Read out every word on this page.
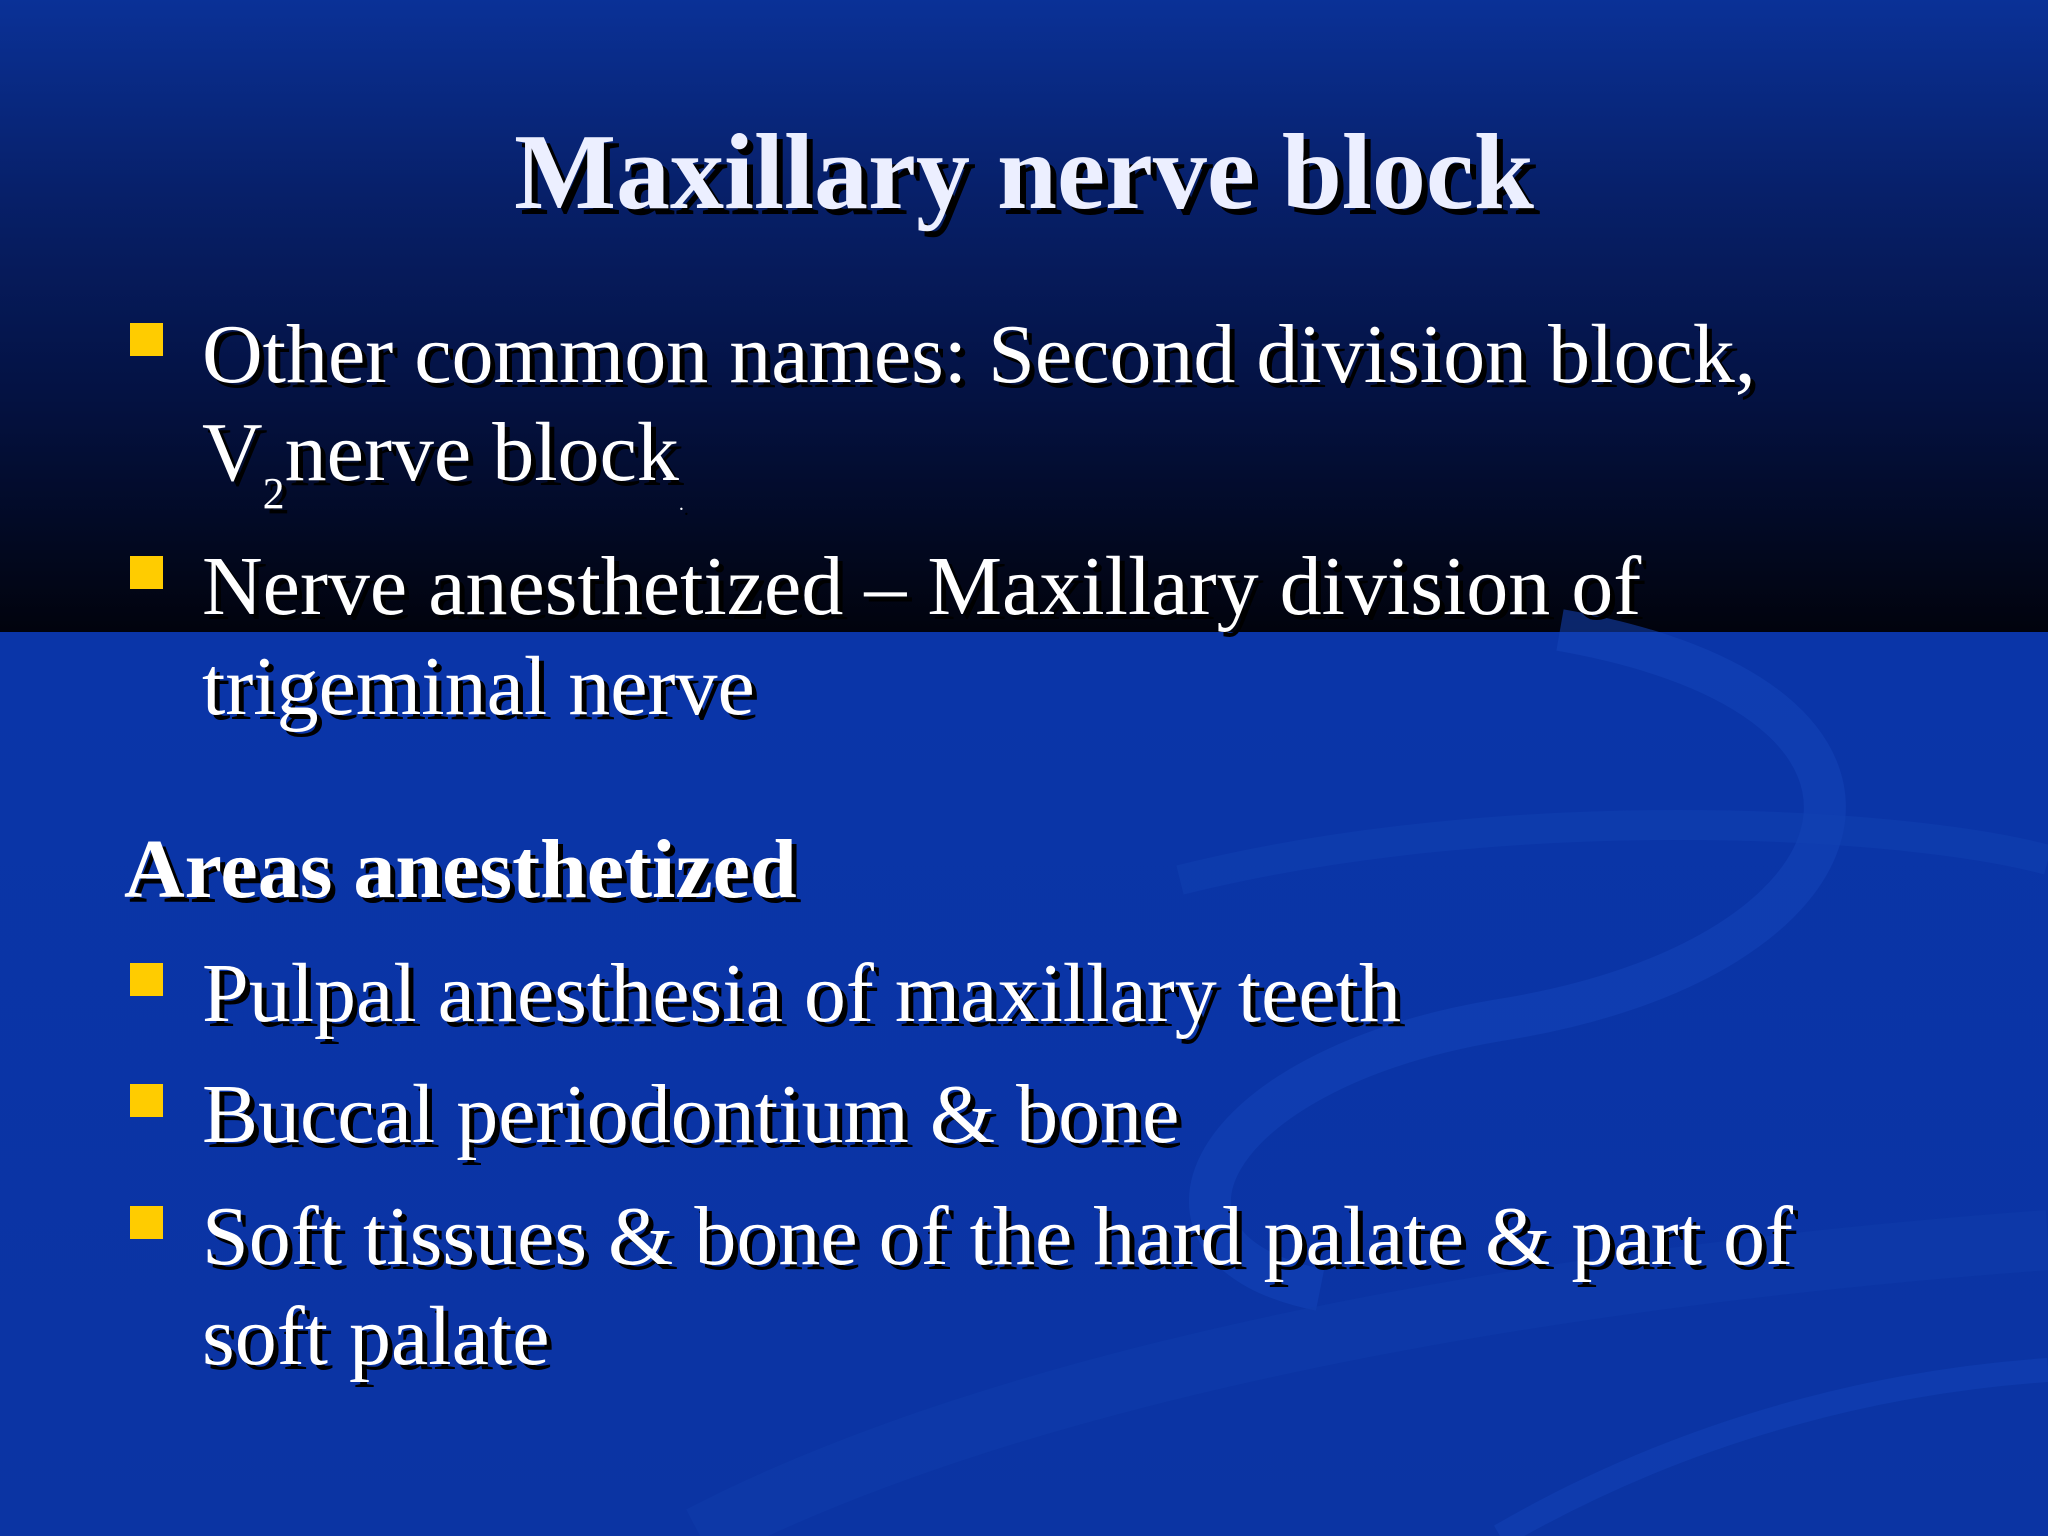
Maxillary nerve block
Other common names: Second division block,
$V_2nerve$ block$_.$
Nerve anesthetized – Maxillary division of
trigeminal nerve
Areas anesthetized
Pulpal anesthesia of maxillary teeth
Buccal periodontium & bone
Soft tissues & bone of the hard palate & part of
soft palate
